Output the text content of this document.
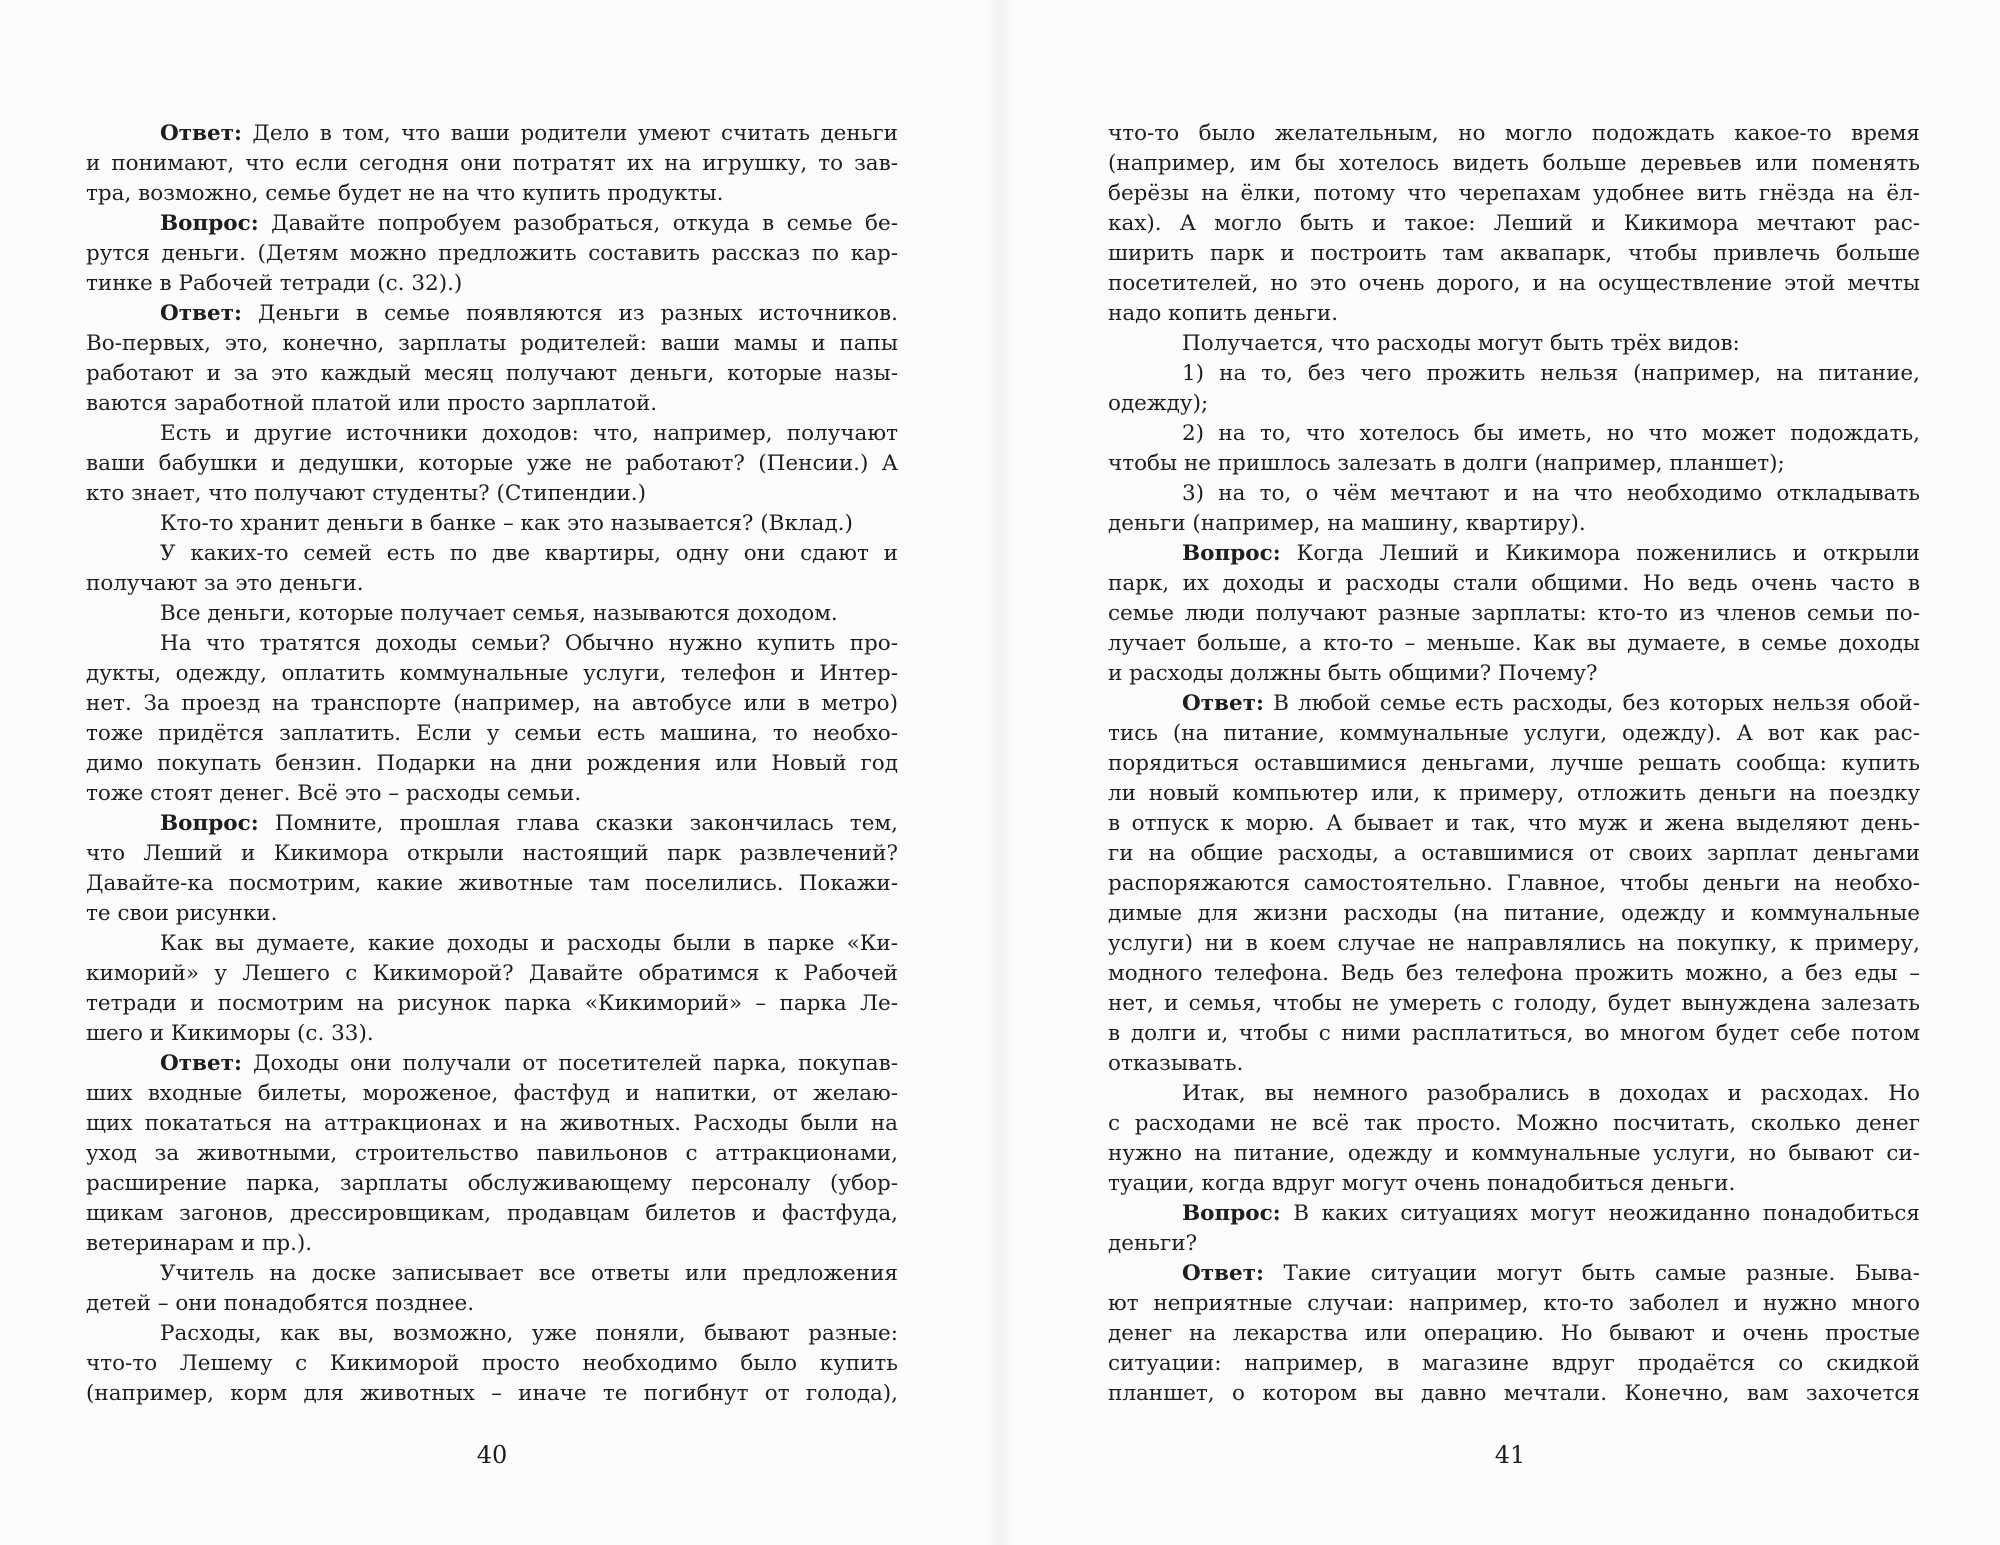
Ответ: Дело в том, что ваши родители умеют считать деньги
и понимают, что если сегодня они потратят их на игрушку, то зав-
тра, возможно, семье будет не на что купить продукты.
Вопрос: Давайте попробуем разобраться, откуда в семье бе-
рутся деньги. (Детям можно предложить составить рассказ по кар-
тинке в Рабочей тетради (с. 32).)
Ответ: Деньги в семье появляются из разных источников.
Во-первых, это, конечно, зарплаты родителей: ваши мамы и папы
работают и за это каждый месяц получают деньги, которые назы-
ваются заработной платой или просто зарплатой.
Есть и другие источники доходов: что, например, получают
ваши бабушки и дедушки, которые уже не работают? (Пенсии.) А
кто знает, что получают студенты? (Стипендии.)
Кто-то хранит деньги в банке – как это называется? (Вклад.)
У каких-то семей есть по две квартиры, одну они сдают и
получают за это деньги.
Все деньги, которые получает семья, называются доходом.
На что тратятся доходы семьи? Обычно нужно купить про-
дукты, одежду, оплатить коммунальные услуги, телефон и Интер-
нет. За проезд на транспорте (например, на автобусе или в метро)
тоже придётся заплатить. Если у семьи есть машина, то необхо-
димо покупать бензин. Подарки на дни рождения или Новый год
тоже стоят денег. Всё это – расходы семьи.
Вопрос: Помните, прошлая глава сказки закончилась тем,
что Леший и Кикимора открыли настоящий парк развлечений?
Давайте-ка посмотрим, какие животные там поселились. Покажи-
те свои рисунки.
Как вы думаете, какие доходы и расходы были в парке «Ки-
киморий» у Лешего с Кикиморой? Давайте обратимся к Рабочей
тетради и посмотрим на рисунок парка «Кикиморий» – парка Ле-
шего и Кикиморы (с. 33).
Ответ: Доходы они получали от посетителей парка, покупав-
ших входные билеты, мороженое, фастфуд и напитки, от желаю-
щих покататься на аттракционах и на животных. Расходы были на
уход за животными, строительство павильонов с аттракционами,
расширение парка, зарплаты обслуживающему персоналу (убор-
щикам загонов, дрессировщикам, продавцам билетов и фастфуда,
ветеринарам и пр.).
Учитель на доске записывает все ответы или предложения
детей – они понадобятся позднее.
Расходы, как вы, возможно, уже поняли, бывают разные:
что-то Лешему с Кикиморой просто необходимо было купить
(например, корм для животных – иначе те погибнут от голода),
что-то было желательным, но могло подождать какое-то время
(например, им бы хотелось видеть больше деревьев или поменять
берёзы на ёлки, потому что черепахам удобнее вить гнёзда на ёл-
ках). А могло быть и такое: Леший и Кикимора мечтают рас-
ширить парк и построить там аквапарк, чтобы привлечь больше
посетителей, но это очень дорого, и на осуществление этой мечты
надо копить деньги.
Получается, что расходы могут быть трёх видов:
1) на то, без чего прожить нельзя (например, на питание,
одежду);
2) на то, что хотелось бы иметь, но что может подождать,
чтобы не пришлось залезать в долги (например, планшет);
3) на то, о чём мечтают и на что необходимо откладывать
деньги (например, на машину, квартиру).
Вопрос: Когда Леший и Кикимора поженились и открыли
парк, их доходы и расходы стали общими. Но ведь очень часто в
семье люди получают разные зарплаты: кто-то из членов семьи по-
лучает больше, а кто-то – меньше. Как вы думаете, в семье доходы
и расходы должны быть общими? Почему?
Ответ: В любой семье есть расходы, без которых нельзя обой-
тись (на питание, коммунальные услуги, одежду). А вот как рас-
порядиться оставшимися деньгами, лучше решать сообща: купить
ли новый компьютер или, к примеру, отложить деньги на поездку
в отпуск к морю. А бывает и так, что муж и жена выделяют день-
ги на общие расходы, а оставшимися от своих зарплат деньгами
распоряжаются самостоятельно. Главное, чтобы деньги на необхо-
димые для жизни расходы (на питание, одежду и коммунальные
услуги) ни в коем случае не направлялись на покупку, к примеру,
модного телефона. Ведь без телефона прожить можно, а без еды –
нет, и семья, чтобы не умереть с голоду, будет вынуждена залезать
в долги и, чтобы с ними расплатиться, во многом будет себе потом
отказывать.
Итак, вы немного разобрались в доходах и расходах. Но
с расходами не всё так просто. Можно посчитать, сколько денег
нужно на питание, одежду и коммунальные услуги, но бывают си-
туации, когда вдруг могут очень понадобиться деньги.
Вопрос: В каких ситуациях могут неожиданно понадобиться
деньги?
Ответ: Такие ситуации могут быть самые разные. Быва-
ют неприятные случаи: например, кто-то заболел и нужно много
денег на лекарства или операцию. Но бывают и очень простые
ситуации: например, в магазине вдруг продаётся со скидкой
планшет, о котором вы давно мечтали. Конечно, вам захочется
40	41
